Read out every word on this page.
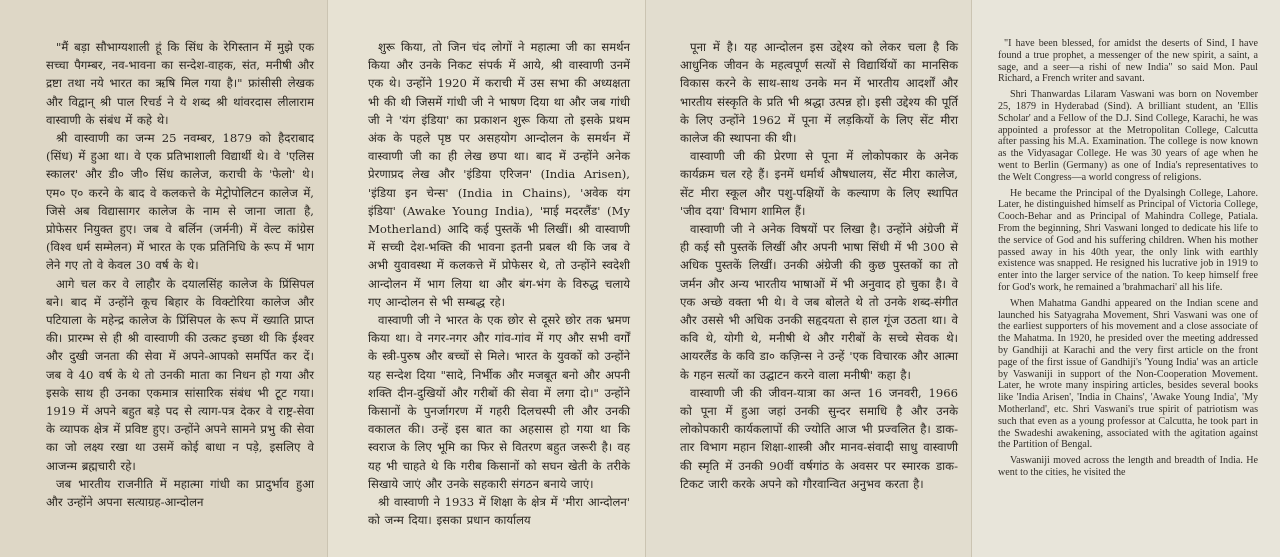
"मैं बड़ा सौभाग्यशाली हूं कि सिंध के रेगिस्तान में मुझे एक सच्चा पैगम्बर, नव-भावना का सन्देश-वाहक, संत, मनीषी और द्रष्टा तथा नये भारत का ऋषि मिल गया है।" फ्रांसीसी लेखक और विद्वान् श्री पाल रिचर्ड ने ये शब्द श्री थांवरदास लीलाराम वास्वाणी के संबंध में कहे थे।

श्री वास्वाणी का जन्म 25 नवम्बर, 1879 को हैदराबाद (सिंध) में हुआ था। वे एक प्रतिभाशाली विद्यार्थी थे। वे 'एलिस स्कालर' और डी० जी० सिंध कालेज, कराची के 'फेलो' थे। एम० ए० करने के बाद वे कलकत्ते के मेट्रोपोलिटन कालेज में, जिसे अब विद्यासागर कालेज के नाम से जाना जाता है, प्रोफेसर नियुक्त हुए। जब वे बर्लिन (जर्मनी) में वेल्ट कांग्रेस (विश्व धर्म सम्मेलन) में भारत के एक प्रतिनिधि के रूप में भाग लेने गए तो वे केवल 30 वर्ष के थे।

आगे चल कर वे लाहौर के दयालसिंह कालेज के प्रिंसिपल बने। बाद में उन्होंने कूच बिहार के विक्टोरिया कालेज और पटियाला के महेन्द्र कालेज के प्रिंसिपल के रूप में ख्याति प्राप्त की। प्रारम्भ से ही श्री वास्वाणी की उत्कट इच्छा थी कि ईश्वर और दुखी जनता की सेवा में अपने-आपको समर्पित कर दें। जब वे 40 वर्ष के थे तो उनकी माता का निधन हो गया और इसके साथ ही उनका एकमात्र सांसारिक संबंध भी टूट गया। 1919 में अपने बहुत बड़े पद से त्याग-पत्र देकर वे राष्ट्र-सेवा के व्यापक क्षेत्र में प्रविष्ट हुए। उन्होंने अपने सामने प्रभु की सेवा का जो लक्ष्य रखा था उसमें कोई बाधा न पड़े, इसलिए वे आजन्म ब्रह्मचारी रहे।

जब भारतीय राजनीति में महात्मा गांधी का प्रादुर्भाव हुआ और उन्होंने अपना सत्याग्रह-आन्दोलन

शुरू किया, तो जिन चंद लोगों ने महात्मा जी का समर्थन किया और उनके निकट संपर्क में आये, श्री वास्वाणी उनमें एक थे। उन्होंने 1920 में कराची में उस सभा की अध्यक्षता भी की थी जिसमें गांधी जी ने भाषण दिया था और जब गांधी जी ने 'यंग इंडिया' का प्रकाशन शुरू किया तो इसके प्रथम अंक के पहले पृष्ठ पर असहयोग आन्दोलन के समर्थन में वास्वाणी जी का ही लेख छपा था। बाद में उन्होंने अनेक प्रेरणाप्रद लेख और 'इंडिया एरिजन' (India Arisen), 'इंडिया इन चेन्स' (India in Chains), 'अवेक यंग इंडिया' (Awake Young India), 'माई मदरलैंड' (My Motherland) आदि कई पुस्तकें भी लिखीं। श्री वास्वाणी में सच्ची देश-भक्ति की भावना इतनी प्रबल थी कि जब वे अभी युवावस्था में कलकत्ते में प्रोफेसर थे, तो उन्होंने स्वदेशी आन्दोलन में भाग लिया था और बंग-भंग के विरुद्ध चलाये गए आन्दोलन से भी सम्बद्ध रहे।

वास्वाणी जी ने भारत के एक छोर से दूसरे छोर तक भ्रमण किया था। वे नगर-नगर और गांव-गांव में गए और सभी वर्गों के स्त्री-पुरुष और बच्चों से मिले। भारत के युवकों को उन्होंने यह सन्देश दिया "सादे, निर्भीक और मजबूत बनो और अपनी शक्ति दीन-दुखियों और गरीबों की सेवा में लगा दो।" उन्होंने किसानों के पुनर्जागरण में गहरी दिलचस्पी ली और उनकी वकालत की। उन्हें इस बात का अहसास हो गया था कि स्वराज के लिए भूमि का फिर से वितरण बहुत जरूरी है। वह यह भी चाहते थे कि गरीब किसानों को सघन खेती के तरीके सिखाये जाएं और उनके सहकारी संगठन बनाये जाएं।

श्री वास्वाणी ने 1933 में शिक्षा के क्षेत्र में 'मीरा आन्दोलन' को जन्म दिया। इसका प्रधान कार्यालय

पूना में है। यह आन्दोलन इस उद्देश्य को लेकर चला है कि आधुनिक जीवन के महत्वपूर्ण सत्यों से विद्यार्थियों का मानसिक विकास करने के साथ-साथ उनके मन में भारतीय आदर्शों और भारतीय संस्कृति के प्रति भी श्रद्धा उत्पन्न हो। इसी उद्देश्य की पूर्ति के लिए उन्होंने 1962 में पूना में लड़कियों के लिए सेंट मीरा कालेज की स्थापना की थी।

वास्वाणी जी की प्रेरणा से पूना में लोकोपकार के अनेक कार्यक्रम चल रहे हैं। इनमें धर्मार्थ औषधालय, सेंट मीरा कालेज, सेंट मीरा स्कूल और पशु-पक्षियों के कल्याण के लिए स्थापित 'जीव दया' विभाग शामिल हैं।

वास्वाणी जी ने अनेक विषयों पर लिखा है। उन्होंने अंग्रेजी में ही कई सौ पुस्तकें लिखीं और अपनी भाषा सिंधी में भी 300 से अधिक पुस्तकें लिखीं। उनकी अंग्रेजी की कुछ पुस्तकों का तो जर्मन और अन्य भारतीय भाषाओं में भी अनुवाद हो चुका है। वे एक अच्छे वक्ता भी थे। वे जब बोलते थे तो उनके शब्द-संगीत और उससे भी अधिक उनकी सहृदयता से हाल गूंज उठता था। वे कवि थे, योगी थे, मनीषी थे और गरीबों के सच्चे सेवक थे। आयरलैंड के कवि डा० कज़िन्स ने उन्हें 'एक विचारक और आत्मा के गहन सत्यों का उद्घाटन करने वाला मनीषी' कहा है।

वास्वाणी जी की जीवन-यात्रा का अन्त 16 जनवरी, 1966 को पूना में हुआ जहां उनकी सुन्दर समाधि है और उनके लोकोपकारी कार्यकलापों की ज्योति आज भी प्रज्वलित है। डाक-तार विभाग महान शिक्षा-शास्त्री और मानव-संवादी साधु वास्वाणी की स्मृति में उनकी 90वीं वर्षगांठ के अवसर पर स्मारक डाक-टिकट जारी करके अपने को गौरवान्वित अनुभव करता है।

"I have been blessed, for amidst the deserts of Sind, I have found a true prophet, a messenger of the new spirit, a saint, a sage, and a seer—a rishi of new India" so said Mon. Paul Richard, a French writer and savant.

Shri Thanwardas Lilaram Vaswani was born on November 25, 1879 in Hyderabad (Sind). A brilliant student, an 'Ellis Scholar' and a Fellow of the D.J. Sind College, Karachi, he was appointed a professor at the Metropolitan College, Calcutta after passing his M.A. Examination. The college is now known as the Vidyasagar College. He was 30 years of age when he went to Berlin (Germany) as one of India's representatives to the Welt Congress—a world congress of religions.

He became the Principal of the Dyalsingh College, Lahore. Later, he distinguished himself as Principal of Victoria College, Cooch-Behar and as Principal of Mahindra College, Patiala. From the beginning, Shri Vaswani longed to dedicate his life to the service of God and his suffering children. When his mother passed away in his 40th year, the only link with earthly existence was snapped. He resigned his lucrative job in 1919 to enter into the larger service of the nation. To keep himself free for God's work, he remained a 'brahmachari' all his life.

When Mahatma Gandhi appeared on the Indian scene and launched his Satyagraha Movement, Shri Vaswani was one of the earliest supporters of his movement and a close associate of the Mahatma. In 1920, he presided over the meeting addressed by Gandhiji at Karachi and the very first article on the front page of the first issue of Gandhiji's 'Young India' was an article by Vaswaniji in support of the Non-Cooperation Movement. Later, he wrote many inspiring articles, besides several books like 'India Arisen', 'India in Chains', 'Awake Young India', 'My Motherland', etc. Shri Vaswani's true spirit of patriotism was such that even as a young professor at Calcutta, he took part in the Swadeshi awakening, associated with the agitation against the Partition of Bengal.

Vaswaniji moved across the length and breadth of India. He went to the cities, he visited the
